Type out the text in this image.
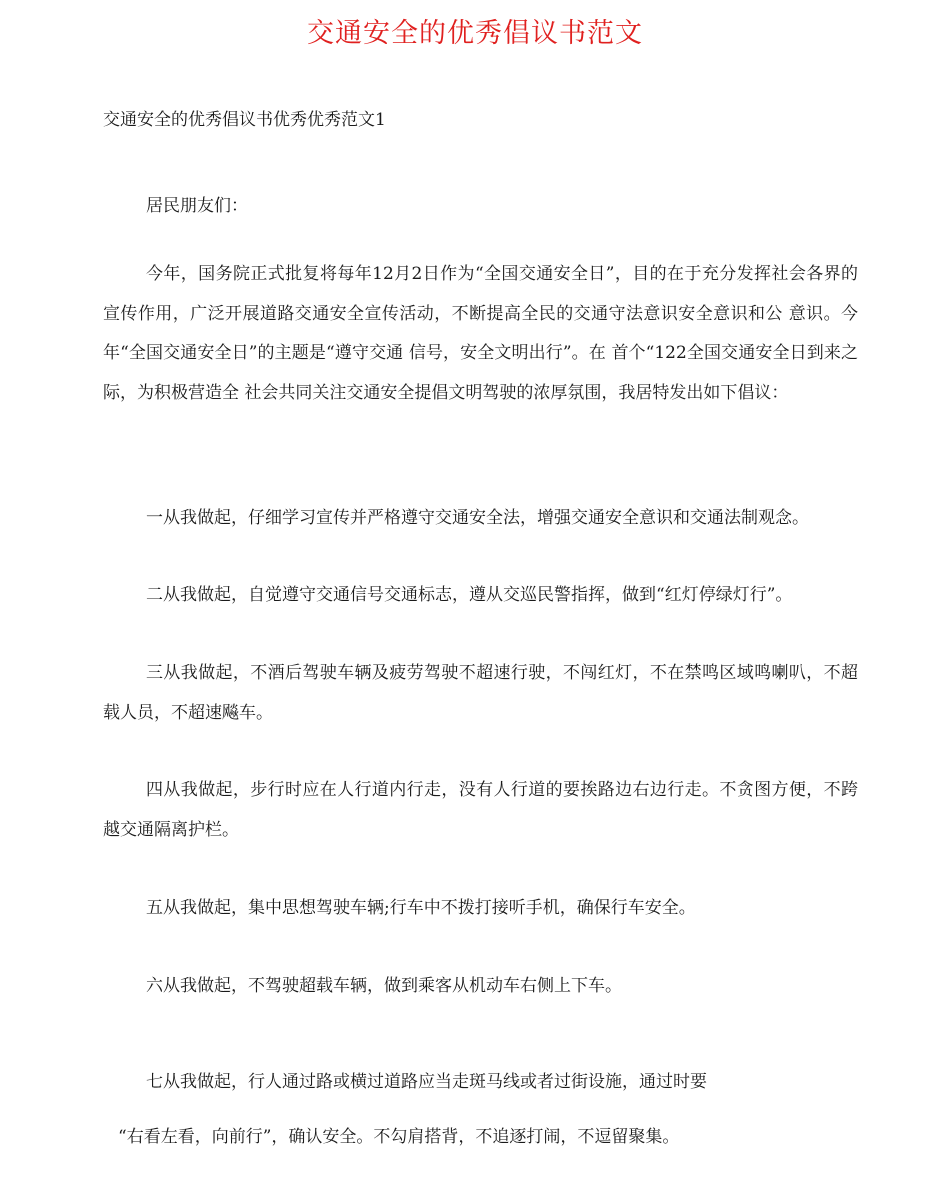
交通安全的优秀倡议书范文
交通安全的优秀倡议书优秀优秀范文1

居民朋友们：

今年，国务院正式批复将每年12月2日作为“全国交通安全日”，目的在于充分发挥社会各界的宣传作用，广泛开展道路交通安全宣传活动，不断提高全民的交通守法意识安全意识和公 意识。今年“全国交通安全日”的主题是“遵守交通 信号，安全文明出行”。在 首个“122全国交通安全日到来之际，为积极营造全 社会共同关注交通安全提倡文明驾驶的浓厚氛围，我居特发出如下倡议：

一从我做起，仔细学习宣传并严格遵守交通安全法，增强交通安全意识和交通法制观念。

二从我做起，自觉遵守交通信号交通标志，遵从交巡民警指挥，做到“红灯停绿灯行”。

三从我做起，不酒后驾驶车辆及疲劳驾驶不超速行驶，不闯红灯，不在禁鸣区域鸣喇叭，不超载人员，不超速飚车。

四从我做起，步行时应在人行道内行走，没有人行道的要挨路边右边行走。不贪图方便，不跨越交通隔离护栏。

五从我做起，集中思想驾驶车辆;行车中不拨打接听手机，确保行车安全。

六从我做起，不驾驶超载车辆，做到乘客从机动车右侧上下车。

七从我做起，行人通过路或横过道路应当走斑马线或者过街设施，通过时要

“右看左看，向前行”，确认安全。不勾肩搭背，不追逐打闹，不逗留聚集。
